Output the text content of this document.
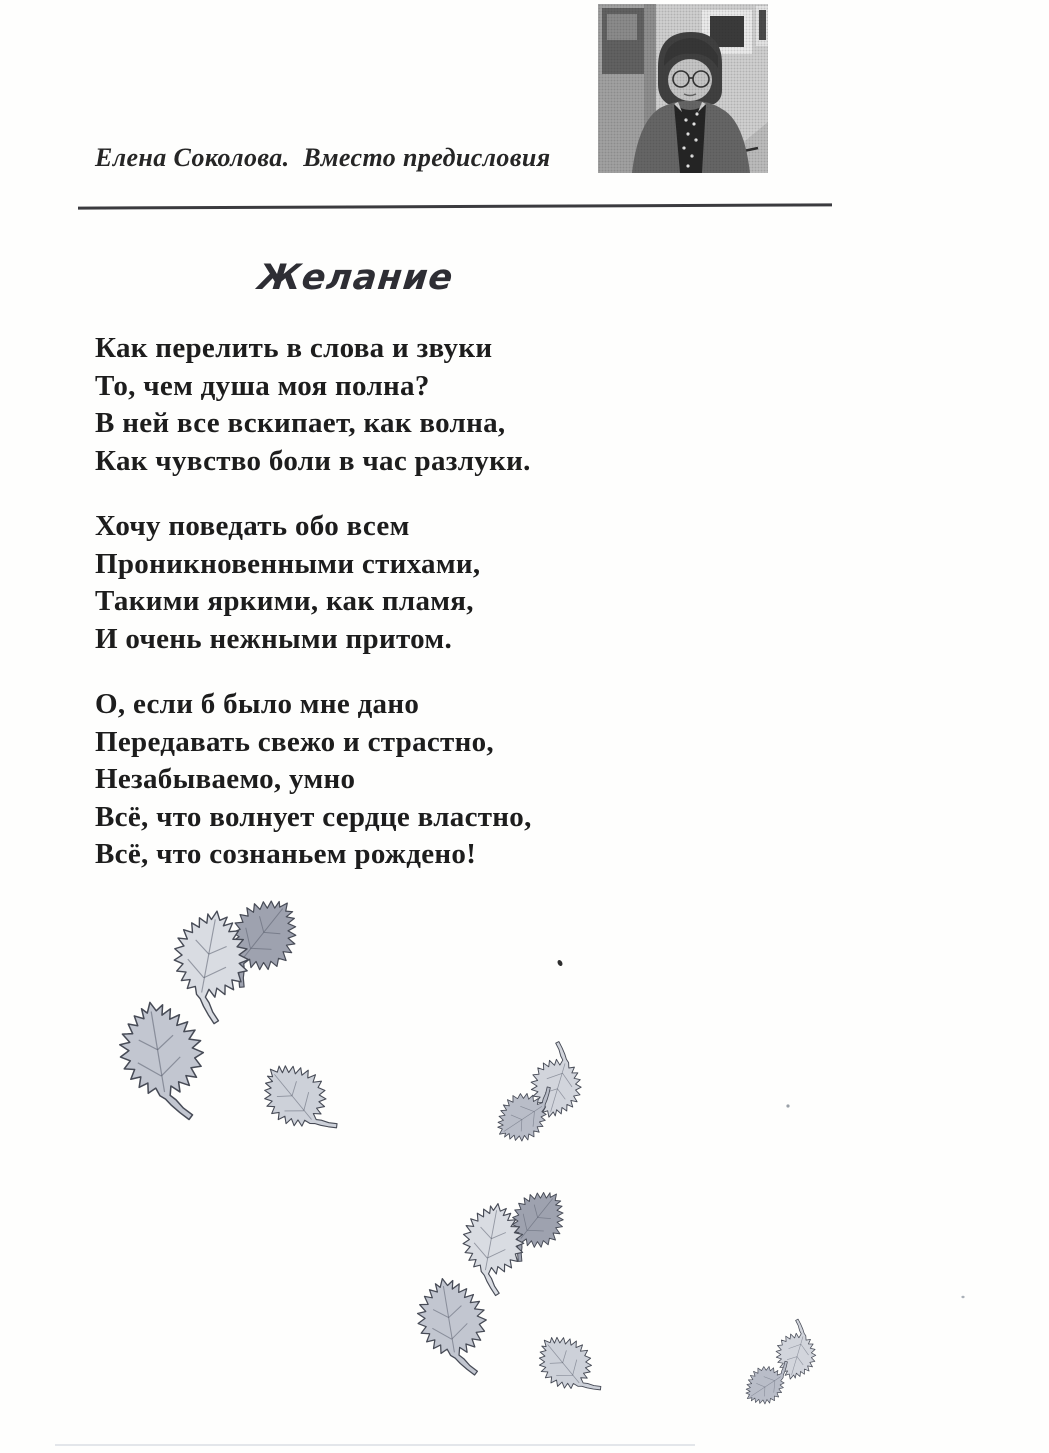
Елена Соколова.  Вместо предисловия
Желание

Как перелить в слова и звуки

То, чем душа моя полна?

В ней все вскипает, как волна,

Как чувство боли в час разлуки.

Хочу поведать обо всем

Проникновенными стихами,

Такими яркими, как пламя,

И очень нежными притом.

О, если б было мне дано

Передавать свежо и страстно,

Незабываемо, умно

Всё, что волнует сердце властно,

Всё, что сознаньем рождено!
